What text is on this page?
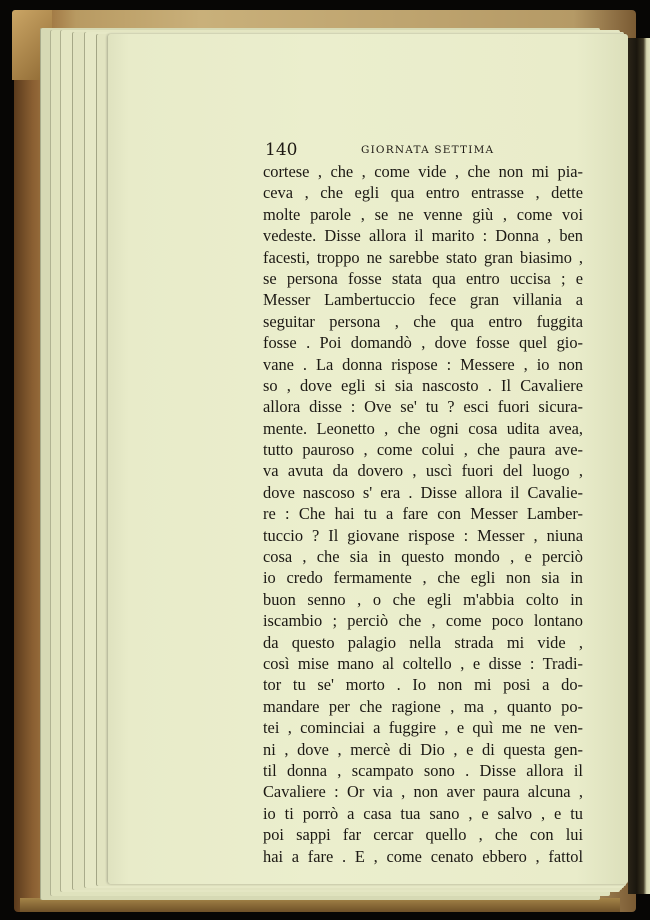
140	GIORNATA SETTIMA
cortese , che , come vide , che non mi pia-
ceva , che egli qua entro entrasse , dette
molte parole , se ne venne giù , come voi
vedeste. Disse allora il marito : Donna , ben
facesti, troppo ne sarebbe stato gran biasimo ,
se persona fosse stata qua entro uccisa ; e
Messer Lambertuccio fece gran villania a
seguitar persona , che qua entro fuggita
fosse . Poi domandò , dove fosse quel gio-
vane . La donna rispose : Messere , io non
so , dove egli si sia nascosto . Il Cavaliere
allora disse : Ove se' tu ? esci fuori sicura-
mente. Leonetto , che ogni cosa udita avea,
tutto pauroso , come colui , che paura ave-
va avuta da dovero , uscì fuori del luogo ,
dove nascoso s' era . Disse allora il Cavalie-
re : Che hai tu a fare con Messer Lamber-
tuccio ? Il giovane rispose : Messer , niuna
cosa , che sia in questo mondo , e perciò
io credo fermamente , che egli non sia in
buon senno , o che egli m'abbia colto in
iscambio ; perciò che , come poco lontano
da questo palagio nella strada mi vide ,
così mise mano al coltello , e disse : Tradi-
tor tu se' morto . Io non mi posi a do-
mandare per che ragione , ma , quanto po-
tei , cominciai a fuggire , e quì me ne ven-
ni , dove , mercè di Dio , e di questa gen-
til donna , scampato sono . Disse allora il
Cavaliere : Or via , non aver paura alcuna ,
io ti porrò a casa tua sano , e salvo , e tu
poi sappi far cercar quello , che con lui
hai a fare . E , come cenato ebbero , fattol
